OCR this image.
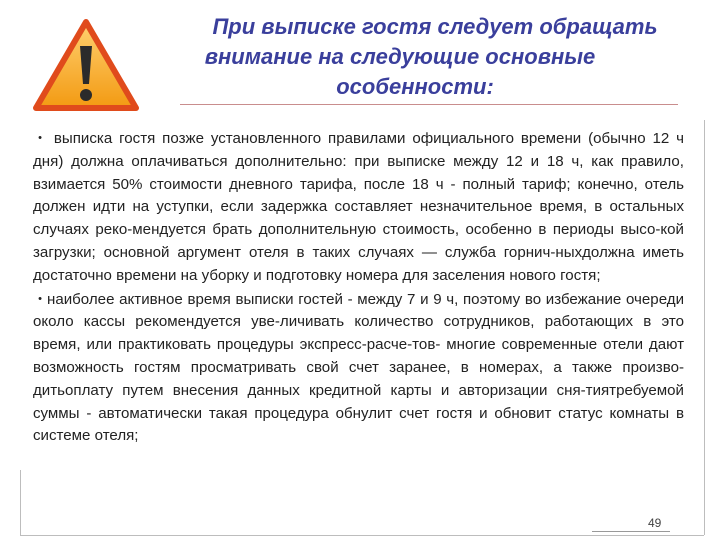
При выписке гостя следует обращать
внимание на следующие основные
особенности:

• выписка гостя позже установленного правилами официального времени (обычно 12 ч дня) должна оплачиваться дополнительно: при выписке между 12 и 18 ч, как правило, взимается 50% стоимости дневного тарифа, после 18 ч - полный тариф; конечно, отель должен идти на уступки, если задержка составляет незначительное время, в остальных случаях реко-мендуется брать дополнительную стоимость, особенно в периоды высо-кой загрузки; основной аргумент отеля в таких случаях — служба горнич-ныхдолжна иметь достаточно времени на уборку и подготовку номера для заселения нового гостя;

• наиболее активное время выписки гостей - между 7 и 9 ч, поэтому во избежание очереди около кассы рекомендуется уве-личивать количество сотрудников, работающих в это время, или практиковать процедуры экспресс-расче-тов- многие современные отели дают возможность гостям просматривать свой счет заранее, в номерах, а также произво-дитьоплату путем внесения данных кредитной карты и авторизации сня-тиятребуемой суммы - автоматически такая процедура обнулит счет гостя и обновит статус комнаты в системе отеля;

49
